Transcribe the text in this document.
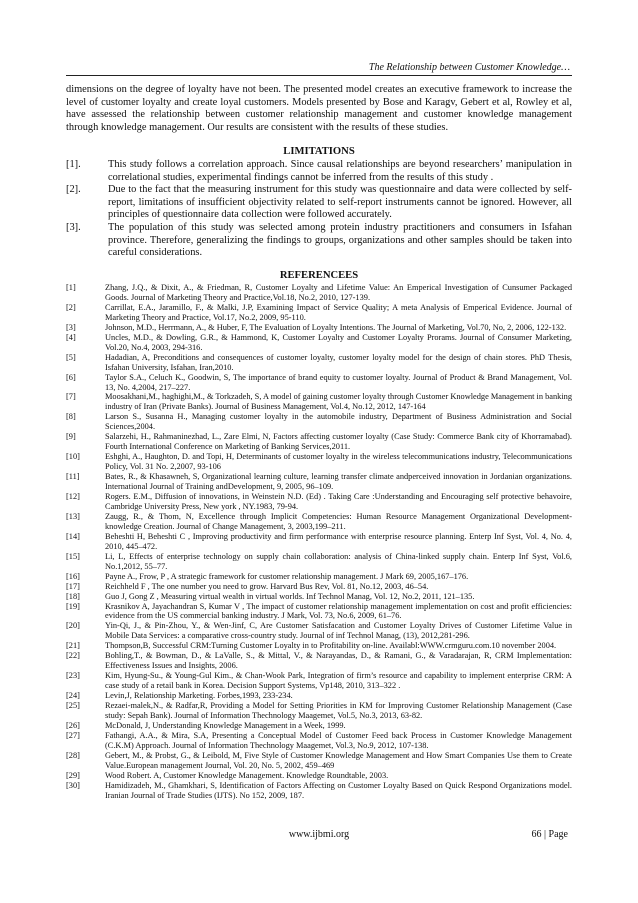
The Relationship between Customer Knowledge…
dimensions on the degree of loyalty have not been. The presented model creates an executive framework to increase the level of customer loyalty and create loyal customers. Models presented by Bose and Karagv, Gebert et al, Rowley et al, have assessed the relationship between customer relationship management and customer knowledge management through knowledge management. Our results are consistent with the results of these studies.
LIMITATIONS
[1].	This study follows a correlation approach. Since causal relationships are beyond researchers’ manipulation in correlational studies, experimental findings cannot be inferred from the results of this study .
[2].	Due to the fact that the measuring instrument for this study was questionnaire and data were collected by self-report, limitations of insufficient objectivity related to self-report instruments cannot be ignored. However, all principles of questionnaire data collection were followed accurately.
[3].	The population of this study was selected among protein industry practitioners and consumers in Isfahan province. Therefore, generalizing the findings to groups, organizations and other samples should be taken into careful considerations.
REFERENCEES
[1]	Zhang, J.Q., & Dixit, A., & Friedman, R, Customer Loyalty and Lifetime Value: An Emperical Investigation of Cunsumer Packaged Goods. Journal of Marketing Theory and Practice,Vol.18, No.2, 2010, 127-139.
[2]	Carrillat, E.A., Jaramillo, F., & Malki, J.P, Examining Impact of Service Quality; A meta Analysis of Emperical Evidence. Journal of Marketing Theory and Practice, Vol.17, No.2, 2009, 95-110.
[3]	Johnson, M.D., Herrmann, A., & Huber, F, The Evaluation of Loyalty Intentions. The Journal of Marketing, Vol.70, No, 2, 2006, 122-132.
[4]	Uncles, M.D., & Dowling, G.R., & Hammond, K, Customer Loyalty and Customer Loyalty Prorams. Journal of Consumer Marketing, Vol.20, No.4, 2003, 294-316.
[5]	Hadadian, A, Preconditions and consequences of customer loyalty, customer loyalty model for the design of chain stores. PhD Thesis, Isfahan University, Isfahan, Iran,2010.
[6]	Taylor S.A., Celuch K., Goodwin, S, The importance of brand equity to customer loyalty. Journal of Product & Brand Management, Vol. 13, No. 4,2004, 217–227.
[7]	Moosakhani,M., haghighi,M., & Torkzadeh, S, A model of gaining customer loyalty through Customer Knowledge Management in banking industry of Iran (Private Banks). Journal of Business Management, Vol.4, No.12, 2012, 147-164
[8]	Larson S., Susanna H., Managing customer loyalty in the automobile industry, Department of Business Administration and Social Sciences,2004.
[9]	Salarzehi, H., Rahmaninezhad, L., Zare Elmi, N, Factors affecting customer loyalty (Case Study: Commerce Bank city of Khorramabad). Fourth International Conference on Marketing of Banking Services,2011.
[10]	Eshghi, A., Haughton, D. and Topi, H, Determinants of customer loyalty in the wireless telecommunications industry, Telecommunications Policy, Vol. 31 No. 2,2007, 93-106
[11]	Bates, R., & Khasawneh, S, Organizational learning culture, learning transfer climate andperceived innovation in Jordanian organizations. International Journal of Training andDevelopment, 9, 2005, 96–109.
[12]	Rogers. E.M., Diffusion of innovations, in Weinstein N.D. (Ed) . Taking Care :Understanding and Encouraging self protective behavoire, Cambridge University Press, New york , NY.1983, 79-94.
[13]	Zaugg, R., & Thom, N, Excellence through Implicit Competencies: Human Resource Management Organizational Development-knowledge Creation. Journal of Change Management, 3, 2003,199–211.
[14]	Beheshti H, Beheshti C , Improving productivity and firm performance with enterprise resource planning. Enterp Inf Syst, Vol. 4, No. 4, 2010, 445–472.
[15]	Li, L, Effects of enterprise technology on supply chain collaboration: analysis of China-linked supply chain. Enterp Inf Syst, Vol.6, No.1,2012, 55–77.
[16]	Payne A., Frow, P , A strategic framework for customer relationship management. J Mark 69, 2005,167–176.
[17]	Reichheld F , The one number you need to grow. Harvard Bus Rev, Vol. 81, No.12, 2003, 46–54.
[18]	Guo J, Gong Z , Measuring virtual wealth in virtual worlds. Inf Technol Manag, Vol. 12, No.2, 2011, 121–135.
[19]	Krasnikov A, Jayachandran S, Kumar V , The impact of customer relationship management implementation on cost and profit efficiencies: evidence from the US commercial banking industry. J Mark, Vol. 73, No.6, 2009, 61–76.
[20]	Yin-Qi, J., & Pin-Zhou, Y., & Wen-Jinf, C, Are Customer Satisfacation and Customer Loyalty Drives of Customer Lifetime Value in Mobile Data Services: a comparative cross-country study. Journal of inf Technol Manag, (13), 2012,281-296.
[21]	Thompson,B, Successful CRM:Turning Customer Loyalty in to Profitability on-line. Availabl:WWW.crmguru.com.10 november 2004.
[22]	Bohling,T., & Bowman, D., & LaValle, S., & Mittal, V., & Narayandas, D., & Ramani, G., & Varadarajan, R, CRM Implementation: Effectiveness Issues and Insights, 2006.
[23]	Kim, Hyung-Su., & Young-Gul Kim., & Chan-Wook Park, Integration of firm’s resource and capability to implement enterprise CRM: A case study of a retail bank in Korea. Decision Support Systems, Vp148, 2010, 313–322 .
[24]	Levin,J, Relationship Marketing. Forbes,1993, 233-234.
[25]	Rezaei-malek,N., & Radfar,R, Providing a Model for Setting Priorities in KM for Improving Customer Relationship Management (Case study: Sepah Bank). Journal of Information Thechnology Maagemet, Vol.5, No.3, 2013, 63-82.
[26]	McDonald, J, Understanding Knowledge Management in a Week, 1999.
[27]	Fathangi, A.A., & Mira, S.A, Presenting a Conceptual Model of Customer Feed back Process in Customer Knowledge Management (C.K.M) Approach. Journal of Information Thechnology Maagemet, Vol.3, No.9, 2012, 107-138.
[28]	Gebert, M., & Probst, G., & Leibold, M, Five Style of Customer Knowledge Management and How Smart Companies Use them to Create Value.European management Journal, Vol. 20, No. 5, 2002, 459–469
[29]	Wood Robert. A, Customer Knowledge Management. Knowledge Roundtable, 2003.
[30]	Hamidizadeh, M., Ghamkhari, S, Identification of Factors Affecting on Customer Loyalty Based on Quick Respond Organizations model. Iranian Journal of Trade Studies (IJTS). No 152, 2009, 187.
www.ijbmi.org	66 | Page
